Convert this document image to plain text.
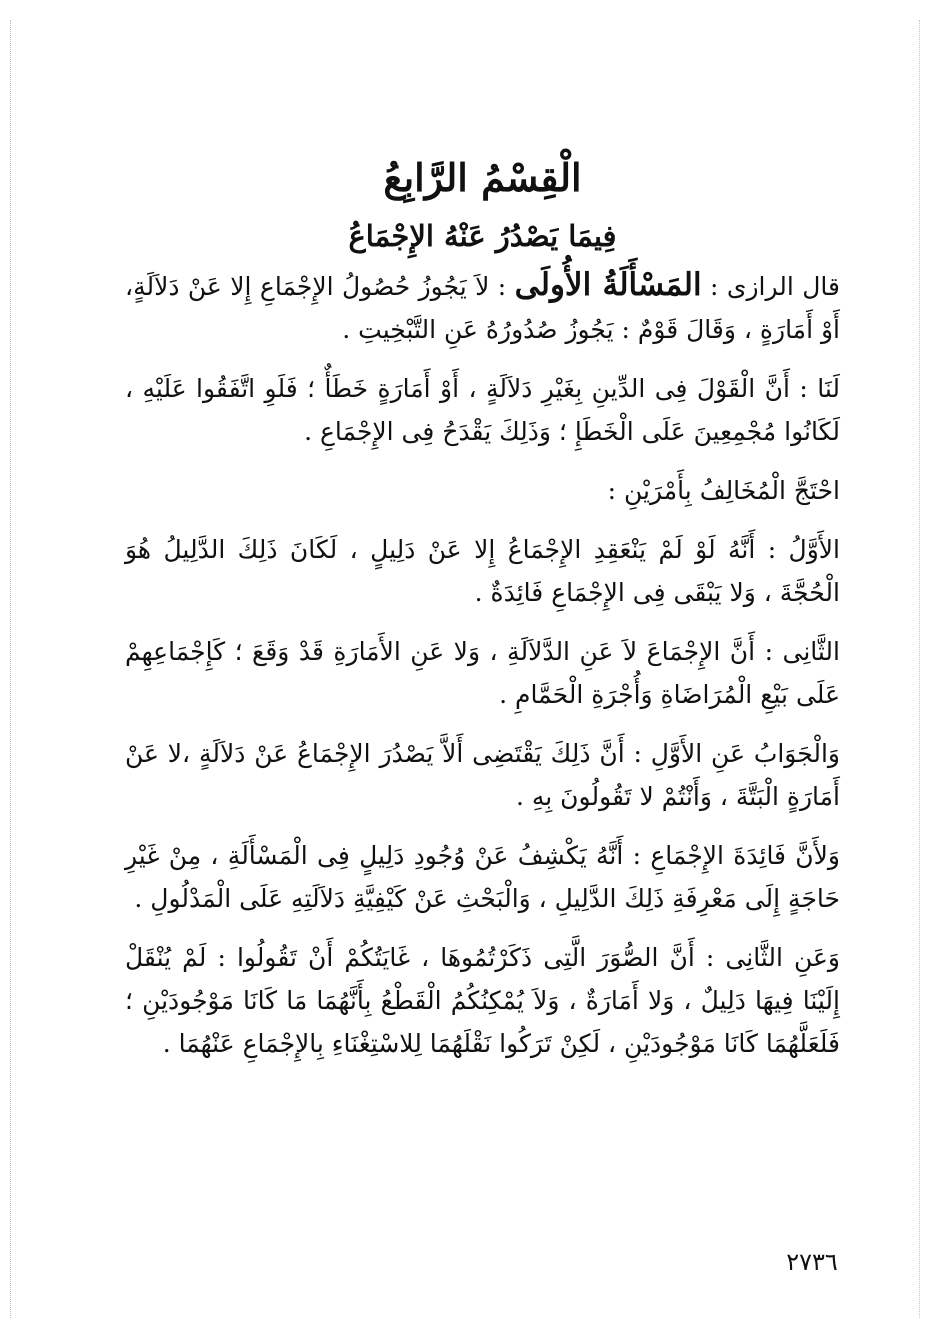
الْقِسْمُ الرَّابِعُ
فِيمَا يَصْدُرُ عَنْهُ الإِجْمَاعُ

قال الرازى : المَسْأَلَةُ الأُولَى : لاَ يَجُوزُ حُصُولُ الإِجْمَاعِ إِلا عَنْ دَلاَلَةٍ، أَوْ أَمَارَةٍ ، وَقَالَ قَوْمٌ : يَجُوزُ صُدُورُهُ عَنِ التَّبْخِيتِ .

لَنَا : أَنَّ الْقَوْلَ فِى الدِّينِ بِغَيْرِ دَلاَلَةٍ ، أَوْ أَمَارَةٍ خَطَأٌ ؛ فَلَوِ اتَّفَقُوا عَلَيْهِ ، لَكَانُوا مُجْمِعِينَ عَلَى الْخَطَإِ ؛ وَذَلِكَ يَقْدَحُ فِى الإِجْمَاعِ .

احْتَجَّ الْمُخَالِفُ بِأَمْرَيْنِ :

الأَوَّلُ : أَنَّهُ لَوْ لَمْ يَنْعَقِدِ الإِجْمَاعُ إِلا عَنْ دَلِيلٍ ، لَكَانَ ذَلِكَ الدَّلِيلُ هُوَ الْحُجَّةَ ، وَلا يَبْقَى فِى الإِجْمَاعِ فَائِدَةٌ .

الثَّانِى : أَنَّ الإِجْمَاعَ لاَ عَنِ الدَّلاَلَةِ ، وَلا عَنِ الأَمَارَةِ قَدْ وَقَعَ ؛ كَإِجْمَاعِهِمْ عَلَى بَيْعِ الْمُرَاضَاةِ وَأُجْرَةِ الْحَمَّامِ .

وَالْجَوَابُ عَنِ الأَوَّلِ : أَنَّ ذَلِكَ يَقْتَضِى أَلاَّ يَصْدُرَ الإِجْمَاعُ عَنْ دَلاَلَةٍ ،لا عَنْ أَمَارَةٍ الْبَتَّةَ ، وَأَنْتُمْ لا تَقُولُونَ بِهِ .

وَلأَنَّ فَائِدَةَ الإِجْمَاعِ : أَنَّهُ يَكْشِفُ عَنْ وُجُودِ دَلِيلٍ فِى الْمَسْأَلَةِ ، مِنْ غَيْرِ حَاجَةٍ إِلَى مَعْرِفَةِ ذَلِكَ الدَّلِيلِ ، وَالْبَحْثِ عَنْ كَيْفِيَّةِ دَلاَلَتِهِ عَلَى الْمَدْلُولِ .

وَعَنِ الثَّانِى : أَنَّ الصُّوَرَ الَّتِى ذَكَرْتُمُوهَا ، غَايَتُكُمْ أَنْ تَقُولُوا : لَمْ يُنْقَلْ إِلَيْنَا فِيهَا دَلِيلٌ ، وَلا أَمَارَةٌ ، وَلاَ يُمْكِنُكُمُ الْقَطْعُ بِأَنَّهُمَا مَا كَانَا مَوْجُودَيْنِ ؛ فَلَعَلَّهُمَا كَانَا مَوْجُودَيْنِ ، لَكِنْ تَرَكُوا نَقْلَهُمَا لِلاسْتِغْنَاءِ بِالإِجْمَاعِ عَنْهُمَا .

٢٧٣٦
